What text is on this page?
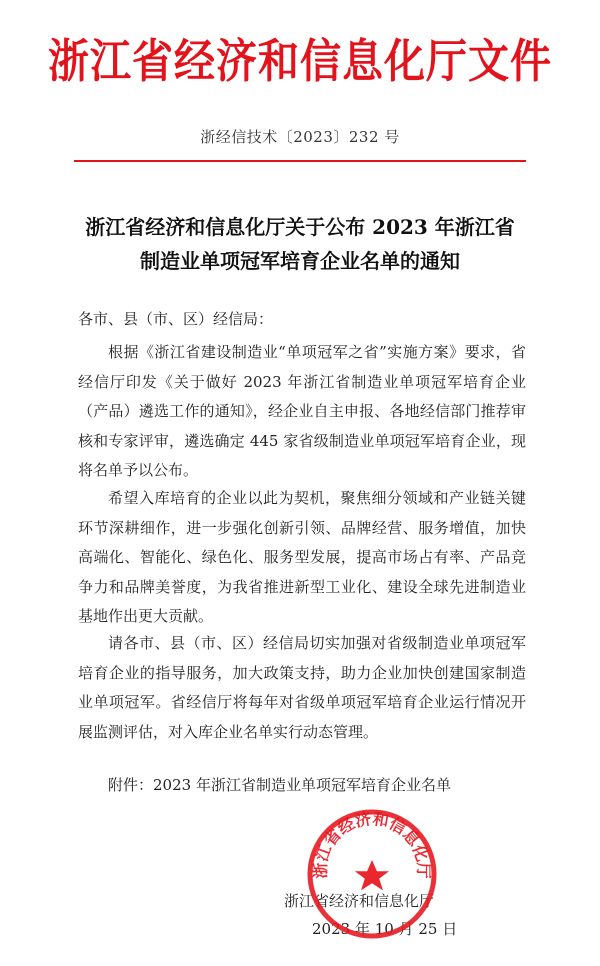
浙江省经济和信息化厅文件
浙经信技术〔2023〕232 号
浙江省经济和信息化厅关于公布 2023 年浙江省
制造业单项冠军培育企业名单的通知
各市、县（市、区）经信局：
根据《浙江省建设制造业“单项冠军之省”实施方案》要求，省经信厅印发《关于做好 2023 年浙江省制造业单项冠军培育企业（产品）遴选工作的通知》，经企业自主申报、各地经信部门推荐审核和专家评审，遴选确定 445 家省级制造业单项冠军培育企业，现将名单予以公布。
希望入库培育的企业以此为契机，聚焦细分领域和产业链关键环节深耕细作，进一步强化创新引领、品牌经营、服务增值，加快高端化、智能化、绿色化、服务型发展，提高市场占有率、产品竞争力和品牌美誉度，为我省推进新型工业化、建设全球先进制造业基地作出更大贡献。
请各市、县（市、区）经信局切实加强对省级制造业单项冠军培育企业的指导服务，加大政策支持，助力企业加快创建国家制造业单项冠军。省经信厅将每年对省级单项冠军培育企业运行情况开展监测评估，对入库企业名单实行动态管理。
附件：2023 年浙江省制造业单项冠军培育企业名单
浙江省经济和信息化厅
2023 年 10 月 25 日
浙江省经济和信息化厅
